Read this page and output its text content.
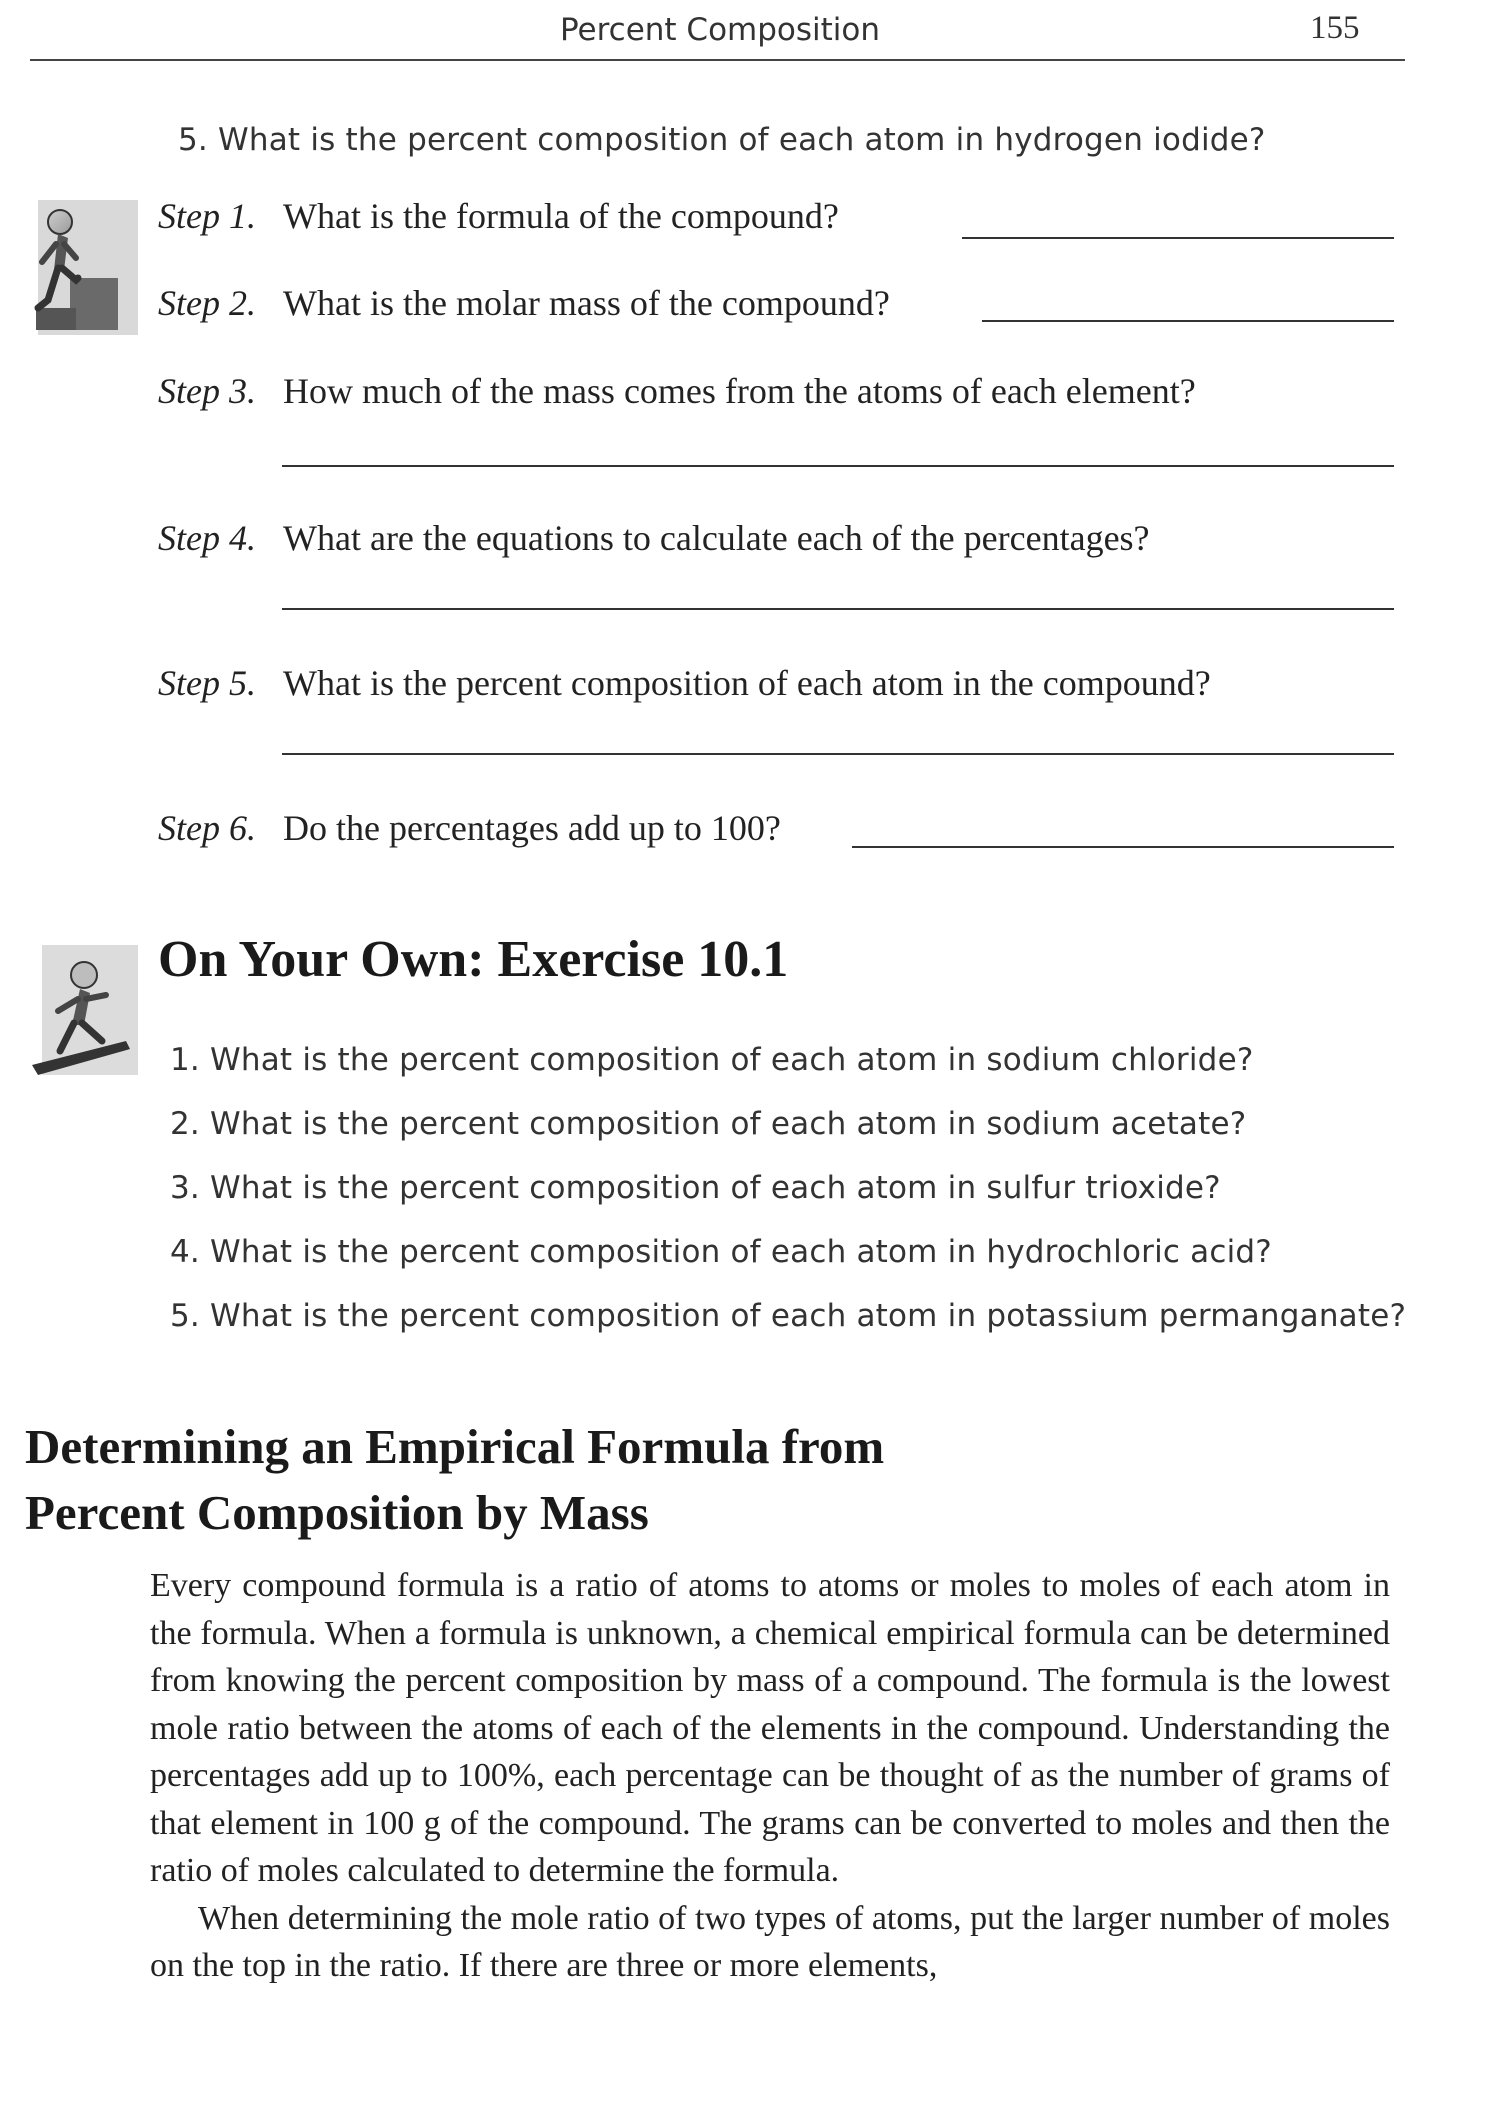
Percent Composition	155
5. What is the percent composition of each atom in hydrogen iodide?
Step 1. What is the formula of the compound?
Step 2. What is the molar mass of the compound?
Step 3. How much of the mass comes from the atoms of each element?
Step 4. What are the equations to calculate each of the percentages?
Step 5. What is the percent composition of each atom in the compound?
Step 6. Do the percentages add up to 100?
On Your Own: Exercise 10.1
1. What is the percent composition of each atom in sodium chloride?
2. What is the percent composition of each atom in sodium acetate?
3. What is the percent composition of each atom in sulfur trioxide?
4. What is the percent composition of each atom in hydrochloric acid?
5. What is the percent composition of each atom in potassium permanganate?
Determining an Empirical Formula from
Percent Composition by Mass

Every compound formula is a ratio of atoms to atoms or moles to moles of each atom in the formula. When a formula is unknown, a chemical empirical formula can be determined from knowing the percent composition by mass of a compound. The formula is the lowest mole ratio between the atoms of each of the elements in the compound. Understanding the percentages add up to 100%, each percentage can be thought of as the number of grams of that element in 100 g of the compound. The grams can be converted to moles and then the ratio of moles calculated to determine the formula.

When determining the mole ratio of two types of atoms, put the larger number of moles on the top in the ratio. If there are three or more elements,
